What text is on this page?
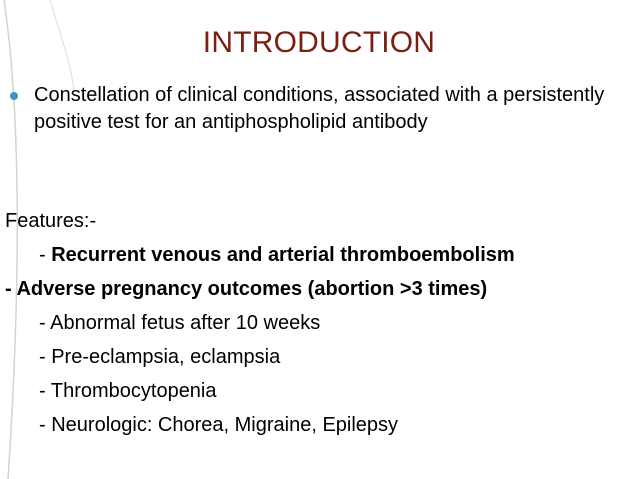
INTRODUCTION
Constellation of clinical conditions, associated with a persistently positive test for an antiphospholipid antibody
Features:-
- Recurrent venous and arterial thromboembolism
- Adverse pregnancy outcomes (abortion >3 times)
- Abnormal fetus after 10 weeks
- Pre-eclampsia, eclampsia
- Thrombocytopenia
- Neurologic: Chorea, Migraine, Epilepsy
